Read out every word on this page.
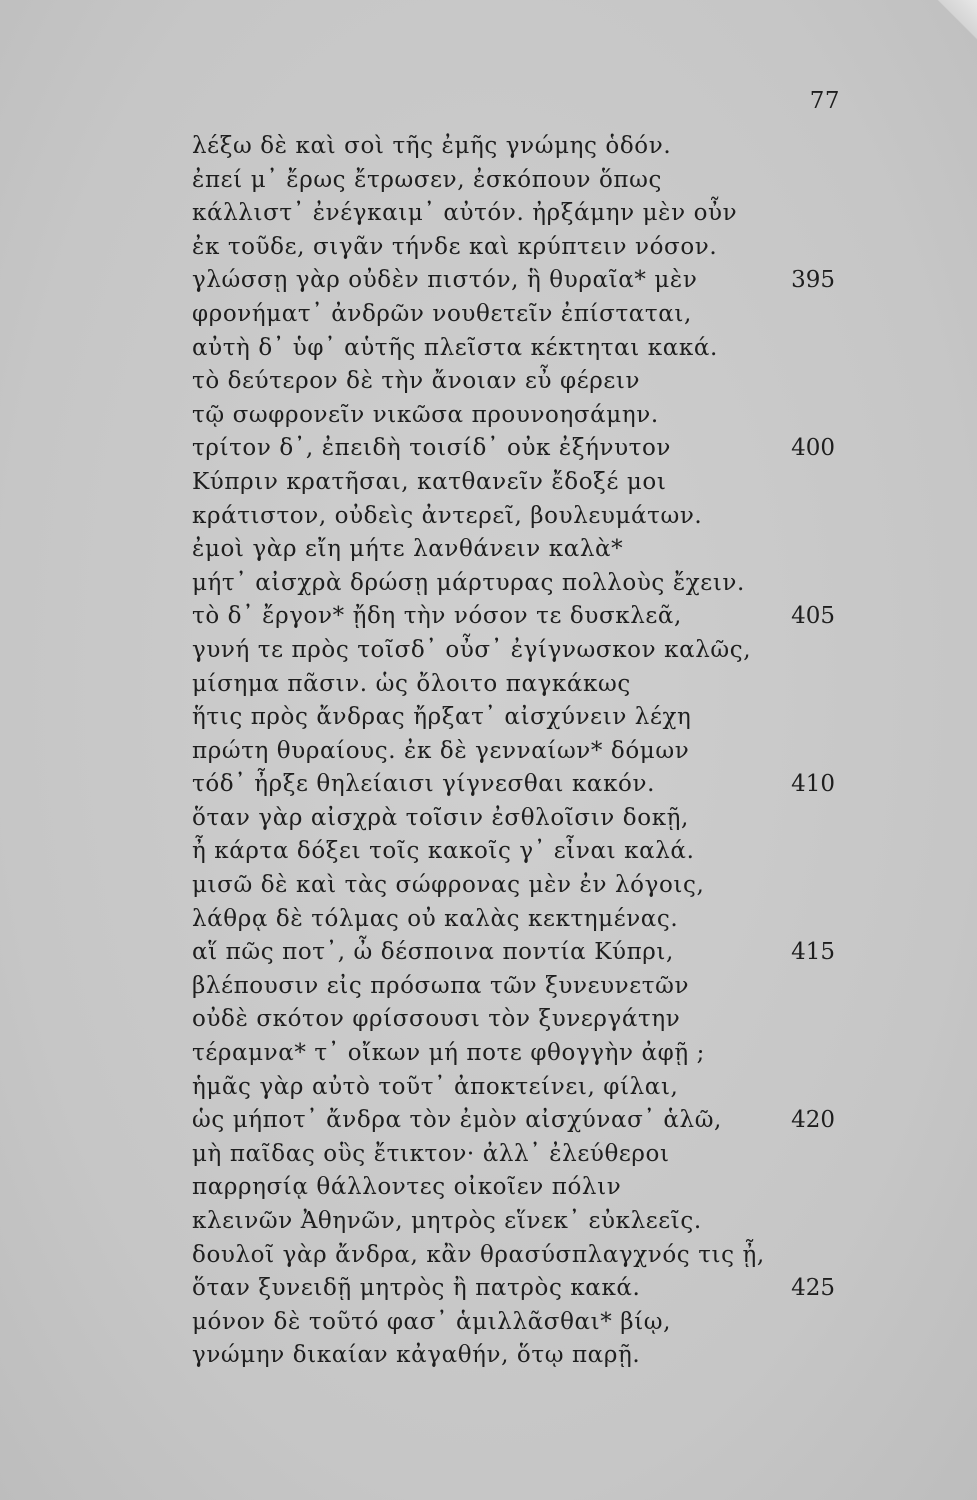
77
λέξω δὲ καὶ σοὶ τῆς ἐμῆς γνώμης ὁδόν.
ἐπεί μ᾽ ἔρως ἔτρωσεν, ἐσκόπουν ὅπως
κάλλιστ᾽ ἐνέγκαιμ᾽ αὐτόν. ἠρξάμην μὲν οὖν
ἐκ τοῦδε, σιγᾶν τήνδε καὶ κρύπτειν νόσον.
γλώσσῃ γὰρ οὐδὲν πιστόν, ἣ θυραῖα* μὲν	395
φρονήματ᾽ ἀνδρῶν νουθετεῖν ἐπίσταται,
αὐτὴ δ᾽ ὑφ᾽ αὑτῆς πλεῖστα κέκτηται κακά.
τὸ δεύτερον δὲ τὴν ἄνοιαν εὖ φέρειν
τῷ σωφρονεῖν νικῶσα προυνοησάμην.
τρίτον δ᾽, ἐπειδὴ τοισίδ᾽ οὐκ ἐξήνυτον	400
Κύπριν κρατῆσαι, κατθανεῖν ἔδοξέ μοι
κράτιστον, οὐδεὶς ἀντερεῖ, βουλευμάτων.
ἐμοὶ γὰρ εἴη μήτε λανθάνειν καλὰ*
μήτ᾽ αἰσχρὰ δρώσῃ μάρτυρας πολλοὺς ἔχειν.
τὸ δ᾽ ἔργον* ᾔδη τὴν νόσον τε δυσκλεᾶ,	405
γυνή τε πρὸς τοῖσδ᾽ οὖσ᾽ ἐγίγνωσκον καλῶς,
μίσημα πᾶσιν. ὡς ὄλοιτο παγκάκως
ἥτις πρὸς ἄνδρας ἤρξατ᾽ αἰσχύνειν λέχη
πρώτη θυραίους. ἐκ δὲ γενναίων* δόμων
τόδ᾽ ἦρξε θηλείαισι γίγνεσθαι κακόν.	410
ὅταν γὰρ αἰσχρὰ τοῖσιν ἐσθλοῖσιν δοκῇ,
ἦ κάρτα δόξει τοῖς κακοῖς γ᾽ εἶναι καλά.
μισῶ δὲ καὶ τὰς σώφρονας μὲν ἐν λόγοις,
λάθρᾳ δὲ τόλμας οὐ καλὰς κεκτημένας.
αἵ πῶς ποτ᾽, ὦ δέσποινα ποντία Κύπρι,	415
βλέπουσιν εἰς πρόσωπα τῶν ξυνευνετῶν
οὐδὲ σκότον φρίσσουσι τὸν ξυνεργάτην
τέραμνα* τ᾽ οἴκων μή ποτε φθογγὴν ἀφῇ ;
ἡμᾶς γὰρ αὐτὸ τοῦτ᾽ ἀποκτείνει, φίλαι,
ὡς μήποτ᾽ ἄνδρα τὸν ἐμὸν αἰσχύνασ᾽ ἁλῶ,	420
μὴ παῖδας οὓς ἔτικτον· ἀλλ᾽ ἐλεύθεροι
παρρησίᾳ θάλλοντες οἰκοῖεν πόλιν
κλεινῶν Ἀθηνῶν, μητρὸς εἵνεκ᾽ εὐκλεεῖς.
δουλοῖ γὰρ ἄνδρα, κἂν θρασύσπλαγχνός τις ᾖ,
ὅταν ξυνειδῇ μητρὸς ἢ πατρὸς κακά.	425
μόνον δὲ τοῦτό φασ᾽ ἁμιλλᾶσθαι* βίῳ,
γνώμην δικαίαν κἀγαθήν, ὅτῳ παρῇ.
